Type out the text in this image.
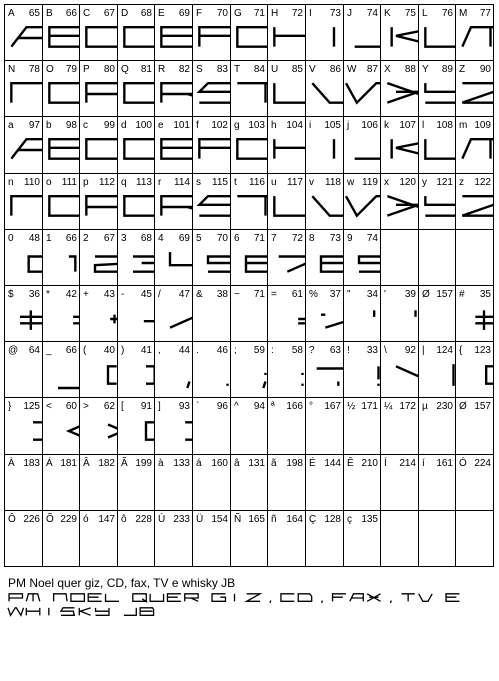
A 65 B 66 C 67 D 68 E 69 F 70 G 71 H 72 I 73 J 74 K 75 L 76 M 77
N 78 O 79 P 80 Q 81 R 82 S 83 T 84 U 85 V 86 W 87 X 88 Y 89 Z 90
a 97 b 98 c 99 d 100 e 101 f 102 g 103 h 104 i 105 j 106 k 107 l 108 m 109
n 110 o 111 p 112 q 113 r 114 s 115 t 116 u 117 v 118 w 119 x 120 y 121 z 122
0 48 1 66 2 67 3 68 4 69 5 70 6 71 7 72 8 73 9 74
$ 36 * 42 + 43 - 45 / 47 & 38 ~ 71 = 61 % 37 " 34 ' 39 Ø 157 # 35
@ 64 _ 66 ( 40 ) 41 , 44 . 46 ; 59 : 58 ? 63 ! 33 \ 92 | 124 { 123
} 125 < 60 > 62 [ 91 ] 93 ` 96 ^ 94 ª 166 ° 167 ½ 171 ¼ 172 µ 230 Ø 157
À 183 Á 181 Â 182 Ã 199 à 133 á 160 â 131 ã 198 É 144 Ê 210 Í 214 í 161 Ó 224
Ô 226 Õ 229 ó 147 ô 228 Ú 233 Ü 154 Ñ 165 ñ 164 Ç 128 ç 135
PM Noel quer giz, CD, fax, TV e whisky JB
